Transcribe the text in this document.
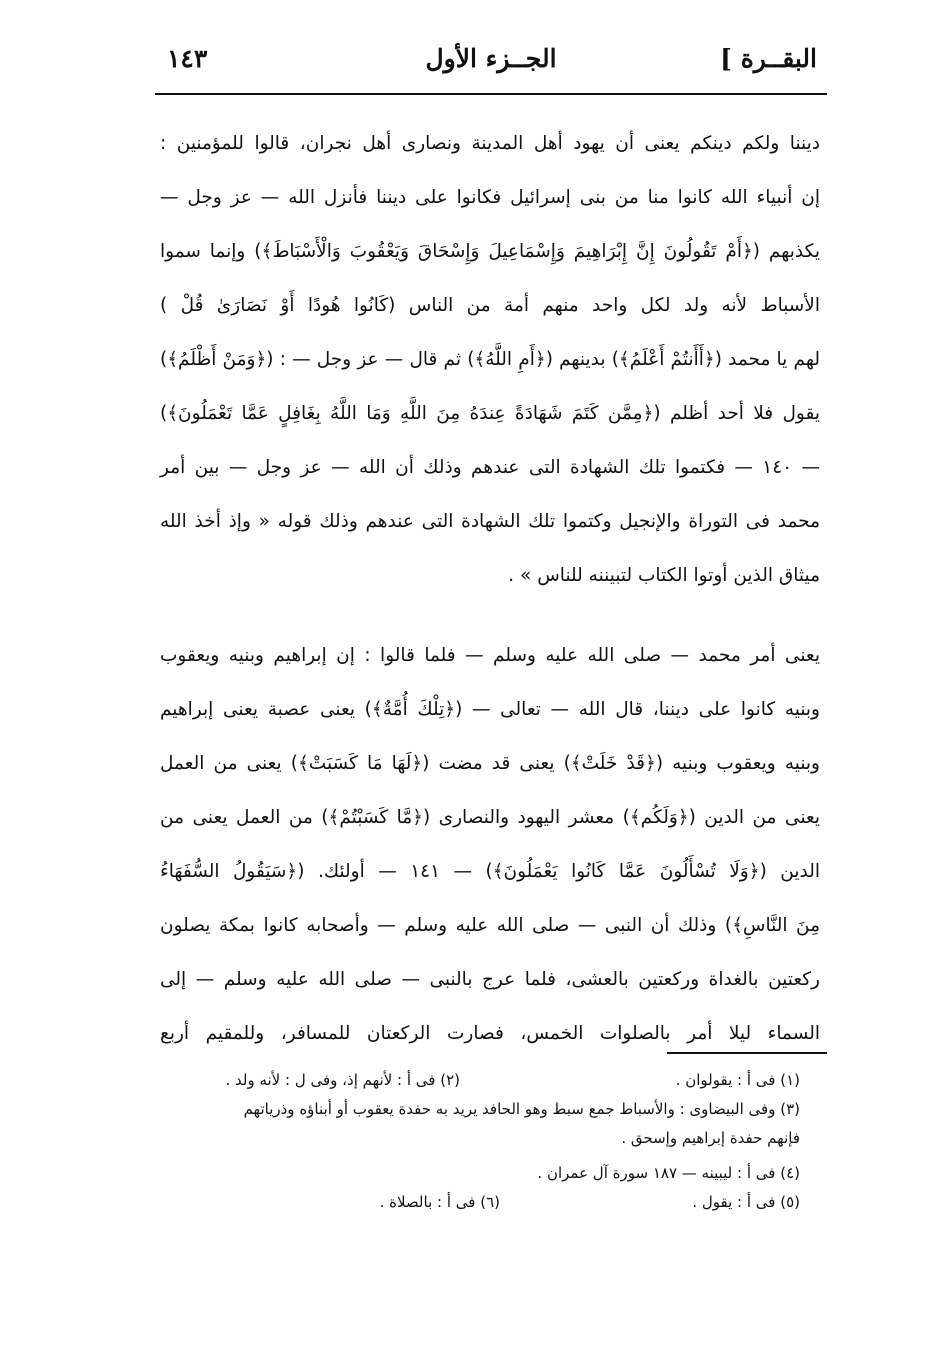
البقــرة ]
الجــزء الأول
١٤٣
ديننا ولكم دينكم يعنى أن يهود أهل المدينة ونصارى أهل نجران، قالوا للمؤمنين :
إن أنبياء الله كانوا منا من بنى إسرائيل فكانوا على ديننا فأنزل الله — عز وجل —
يكذبهم (﴿أَمْ تَقُولُونَ إِنَّ إِبْرَاهِيمَ وَإِسْمَاعِيلَ وَإِسْحَاقَ وَيَعْقُوبَ وَالْأَسْبَاطَ﴾) وإنما سموا
الأسباط لأنه ولد لكل واحد منهم أمة من الناس (كَانُوا هُودًا أَوْ نَصَارَىٰ قُلْ )
لهم يا محمد (﴿أَأَنتُمْ أَعْلَمُ﴾) بدينهم (﴿أَمِ اللَّهُ﴾) ثم قال — عز وجل — : (﴿وَمَنْ أَظْلَمُ﴾)
يقول فلا أحد أظلم (﴿مِمَّن كَتَمَ شَهَادَةً عِندَهُ مِنَ اللَّهِ وَمَا اللَّهُ بِغَافِلٍ عَمَّا تَعْمَلُونَ﴾)
— ١٤٠ — فكتموا تلك الشهادة التى عندهم وذلك أن الله — عز وجل — بين أمر
محمد فى التوراة والإنجيل وكتموا تلك الشهادة التى عندهم وذلك قوله « وإذ أخذ الله
ميثاق الذين أوتوا الكتاب لتبيننه للناس » .
يعنى أمر محمد — صلى الله عليه وسلم — فلما قالوا : إن إبراهيم وبنيه ويعقوب
وبنيه كانوا على ديننا، قال الله — تعالى — (﴿تِلْكَ أُمَّةٌ﴾) يعنى عصبة يعنى إبراهيم
وبنيه ويعقوب وبنيه (﴿قَدْ خَلَتْ﴾) يعنى قد مضت (﴿لَهَا مَا كَسَبَتْ﴾) يعنى من العمل
يعنى من الدين (﴿وَلَكُم﴾) معشر اليهود والنصارى (﴿مَّا كَسَبْتُمْ﴾) من العمل يعنى من
الدين (﴿وَلَا تُسْأَلُونَ عَمَّا كَانُوا يَعْمَلُونَ﴾) — ١٤١ — أولئك. (﴿سَيَقُولُ السُّفَهَاءُ
مِنَ النَّاسِ﴾) وذلك أن النبى — صلى الله عليه وسلم — وأصحابه كانوا بمكة يصلون
ركعتين بالغداة وركعتين بالعشى، فلما عرج بالنبى — صلى الله عليه وسلم — إلى
السماء ليلا أمر بالصلوات الخمس، فصارت الركعتان للمسافر، وللمقيم أربع
(١) فى أ : يقولوان .
(٢) فى أ : لأنهم إذ، وفى ل : لأنه ولد .
(٣) وفى البيضاوى : والأسباط جمع سبط وهو الحافد يريد به حفدة يعقوب أو أبناؤه وذرياتهم
فإنهم حفدة إبراهيم وإسحق .
(٤) فى أ : ليبينه — ١٨٧ سورة آل عمران .
(٥) فى أ : يقول .
(٦) فى أ : بالصلاة .
